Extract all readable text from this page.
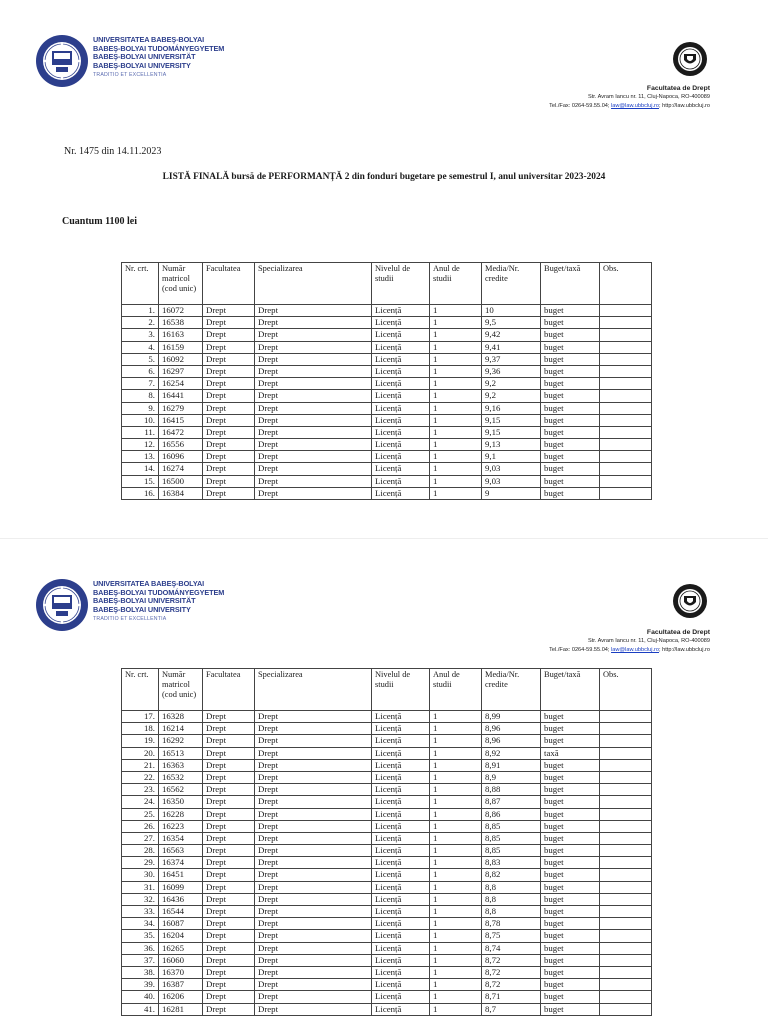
UNIVERSITATEA BABEŞ-BOLYAI
BABEŞ-BOLYAI TUDOMÁNYEGYETEM
BABEŞ-BOLYAI UNIVERSITÄT
BABEŞ-BOLYAI UNIVERSITY
TRADITIO ET EXCELLENTIA
Facultatea de Drept
Str. Avram Iancu nr. 11, Cluj-Napoca, RO-400089
Tel./Fax: 0264-59.55.04; law@law.ubbcluj.ro; http://law.ubbcluj.ro
Nr. 1475 din 14.11.2023
LISTĂ FINALĂ bursă de PERFORMANȚĂ 2 din fonduri bugetare pe semestrul I, anul universitar 2023-2024
Cuantum 1100 lei
Nr. crt.	Număr matricol (cod unic)	Facultatea	Specializarea	Nivelul de studii	Anul de studii	Media/Nr. credite	Buget/taxă	Obs.
1.	16072	Drept	Drept	Licență	1	10	buget	
2.	16538	Drept	Drept	Licență	1	9,5	buget	
3.	16163	Drept	Drept	Licență	1	9,42	buget	
4.	16159	Drept	Drept	Licență	1	9,41	buget	
5.	16092	Drept	Drept	Licență	1	9,37	buget	
6.	16297	Drept	Drept	Licență	1	9,36	buget	
7.	16254	Drept	Drept	Licență	1	9,2	buget	
8.	16441	Drept	Drept	Licență	1	9,2	buget	
9.	16279	Drept	Drept	Licență	1	9,16	buget	
10.	16415	Drept	Drept	Licență	1	9,15	buget	
11.	16472	Drept	Drept	Licență	1	9,15	buget	
12.	16556	Drept	Drept	Licență	1	9,13	buget	
13.	16096	Drept	Drept	Licență	1	9,1	buget	
14.	16274	Drept	Drept	Licență	1	9,03	buget	
15.	16500	Drept	Drept	Licență	1	9,03	buget	
16.	16384	Drept	Drept	Licență	1	9	buget	
UNIVERSITATEA BABEŞ-BOLYAI
BABEŞ-BOLYAI TUDOMÁNYEGYETEM
BABEŞ-BOLYAI UNIVERSITÄT
BABEŞ-BOLYAI UNIVERSITY
TRADITIO ET EXCELLENTIA
Facultatea de Drept
Str. Avram Iancu nr. 11, Cluj-Napoca, RO-400089
Tel./Fax: 0264-59.55.04; law@law.ubbcluj.ro; http://law.ubbcluj.ro
Nr. crt.	Număr matricol (cod unic)	Facultatea	Specializarea	Nivelul de studii	Anul de studii	Media/Nr. credite	Buget/taxă	Obs.
17.	16328	Drept	Drept	Licență	1	8,99	buget	
18.	16214	Drept	Drept	Licență	1	8,96	buget	
19.	16292	Drept	Drept	Licență	1	8,96	buget	
20.	16513	Drept	Drept	Licență	1	8,92	taxă	
21.	16363	Drept	Drept	Licență	1	8,91	buget	
22.	16532	Drept	Drept	Licență	1	8,9	buget	
23.	16562	Drept	Drept	Licență	1	8,88	buget	
24.	16350	Drept	Drept	Licență	1	8,87	buget	
25.	16228	Drept	Drept	Licență	1	8,86	buget	
26.	16223	Drept	Drept	Licență	1	8,85	buget	
27.	16354	Drept	Drept	Licență	1	8,85	buget	
28.	16563	Drept	Drept	Licență	1	8,85	buget	
29.	16374	Drept	Drept	Licență	1	8,83	buget	
30.	16451	Drept	Drept	Licență	1	8,82	buget	
31.	16099	Drept	Drept	Licență	1	8,8	buget	
32.	16436	Drept	Drept	Licență	1	8,8	buget	
33.	16544	Drept	Drept	Licență	1	8,8	buget	
34.	16087	Drept	Drept	Licență	1	8,78	buget	
35.	16204	Drept	Drept	Licență	1	8,75	buget	
36.	16265	Drept	Drept	Licență	1	8,74	buget	
37.	16060	Drept	Drept	Licență	1	8,72	buget	
38.	16370	Drept	Drept	Licență	1	8,72	buget	
39.	16387	Drept	Drept	Licență	1	8,72	buget	
40.	16206	Drept	Drept	Licență	1	8,71	buget	
41.	16281	Drept	Drept	Licență	1	8,7	buget	
